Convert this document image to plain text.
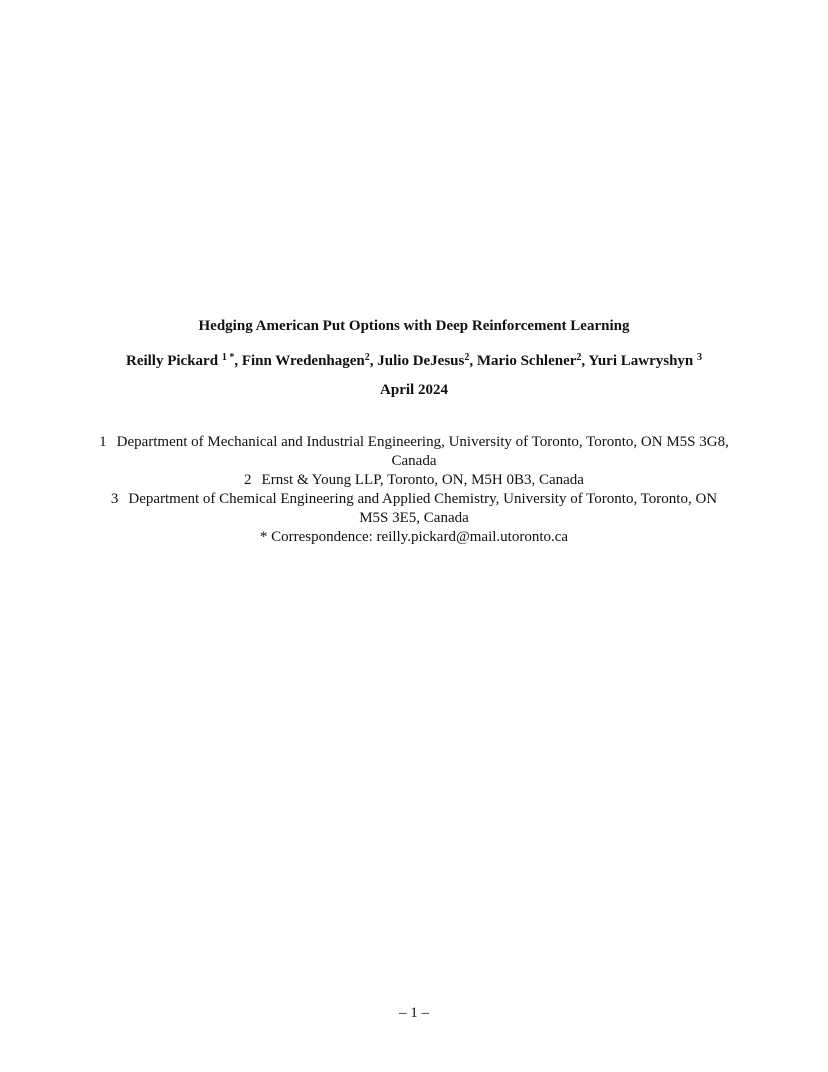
Hedging American Put Options with Deep Reinforcement Learning
Reilly Pickard $^{1 *}$, Finn Wredenhagen$^2$, Julio DeJesus$^2$, Mario Schlener$^2$, Yuri Lawryshyn $^3$
April 2024
1 Department of Mechanical and Industrial Engineering, University of Toronto, Toronto, ON M5S 3G8, Canada
2 Ernst & Young LLP, Toronto, ON, M5H 0B3, Canada
3 Department of Chemical Engineering and Applied Chemistry, University of Toronto, Toronto, ON M5S 3E5, Canada
* Correspondence: reilly.pickard@mail.utoronto.ca
– 1 –
